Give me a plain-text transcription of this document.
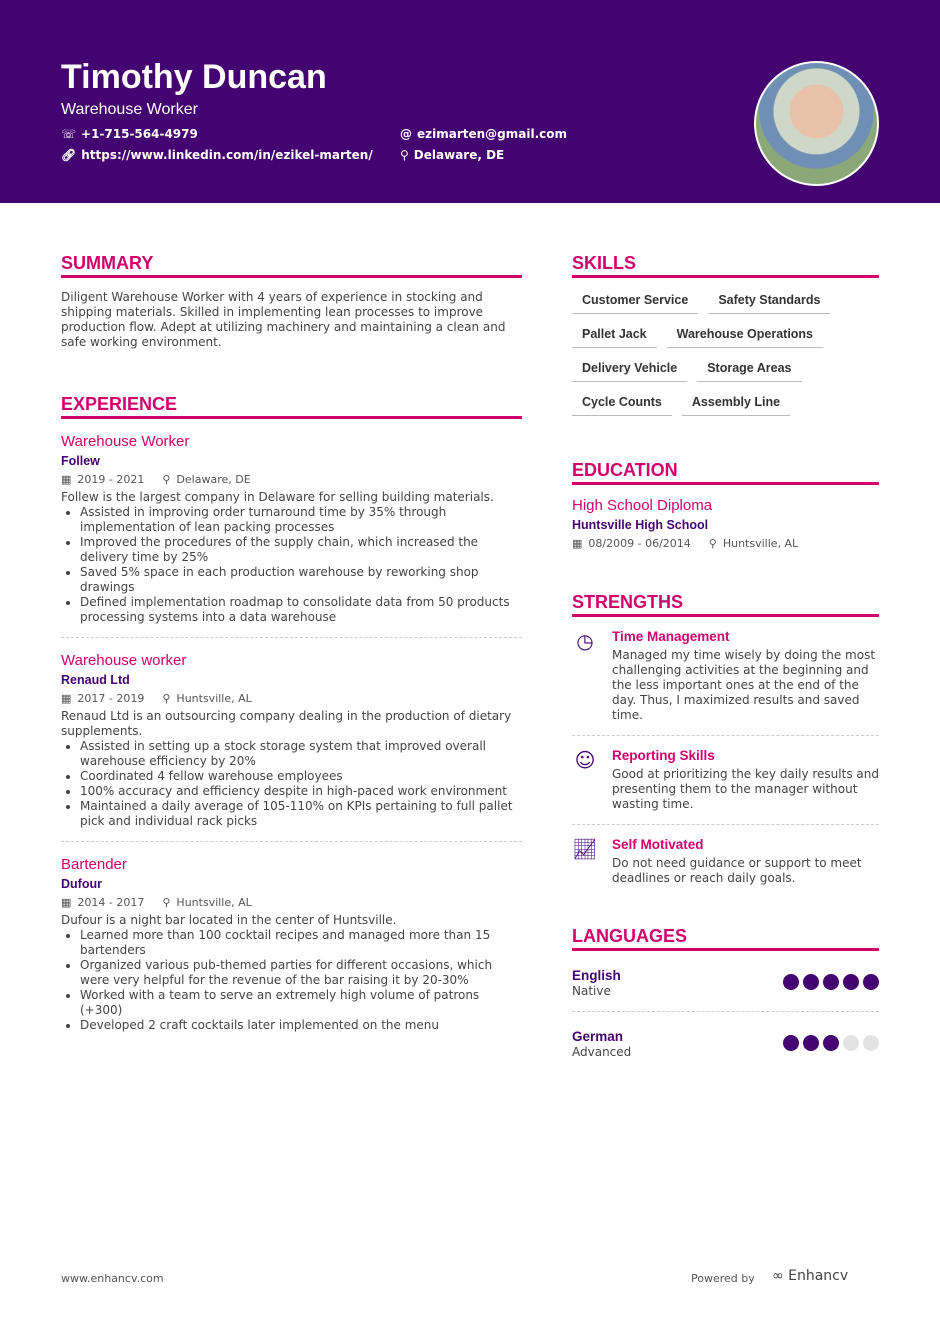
Timothy Duncan
Warehouse Worker
☏ +1-715-564-4979
🔗︎ https://www.linkedin.com/in/ezikel-marten/
@ ezimarten@gmail.com
⚲ Delaware, DE
SUMMARY

Diligent Warehouse Worker with 4 years of experience in stocking and shipping materials. Skilled in implementing lean processes to improve production flow. Adept at utilizing machinery and maintaining a clean and safe working environment.

EXPERIENCE
Warehouse Worker
Follew
▦ 2019 - 2021 ⚲ Delaware, DE

Follew is the largest company in Delaware for selling building materials.

• Assisted in improving order turnaround time by 35% through implementation of lean packing processes
• Improved the procedures of the supply chain, which increased the delivery time by 25%
• Saved 5% space in each production warehouse by reworking shop drawings
• Defined implementation roadmap to consolidate data from 50 products processing systems into a data warehouse
Warehouse worker
Renaud Ltd
▦ 2017 - 2019 ⚲ Huntsville, AL

Renaud Ltd is an outsourcing company dealing in the production of dietary supplements.

• Assisted in setting up a stock storage system that improved overall warehouse efficiency by 20%
• Coordinated 4 fellow warehouse employees
• 100% accuracy and efficiency despite in high-paced work environment
• Maintained a daily average of 105-110% on KPIs pertaining to full pallet pick and individual rack picks
Bartender
Dufour
▦ 2014 - 2017 ⚲ Huntsville, AL

Dufour is a night bar located in the center of Huntsville.

• Learned more than 100 cocktail recipes and managed more than 15 bartenders
• Organized various pub-themed parties for different occasions, which were very helpful for the revenue of the bar raising it by 20-30%
• Worked with a team to serve an extremely high volume of patrons (+300)
• Developed 2 craft cocktails later implemented on the menu
SKILLS
Customer Service	Safety Standards
Pallet Jack	Warehouse Operations
Delivery Vehicle	Storage Areas
Cycle Counts	Assembly Line
EDUCATION
High School Diploma
Huntsville High School
▦ 08/2009 - 06/2014 ⚲ Huntsville, AL
STRENGTHS
◷	Time Management

Managed my time wisely by doing the most challenging activities at the beginning and the less important ones at the end of the day. Thus, I maximized results and saved time.

☺ Reporting Skills

Good at prioritizing the key daily results and presenting them to the manager without wasting time.

📈︎ Self Motivated

Do not need guidance or support to meet deadlines or reach daily goals.

LANGUAGES
English

Native

German

Advanced

www.enhancv.com	Powered by ∞ Enhancv
